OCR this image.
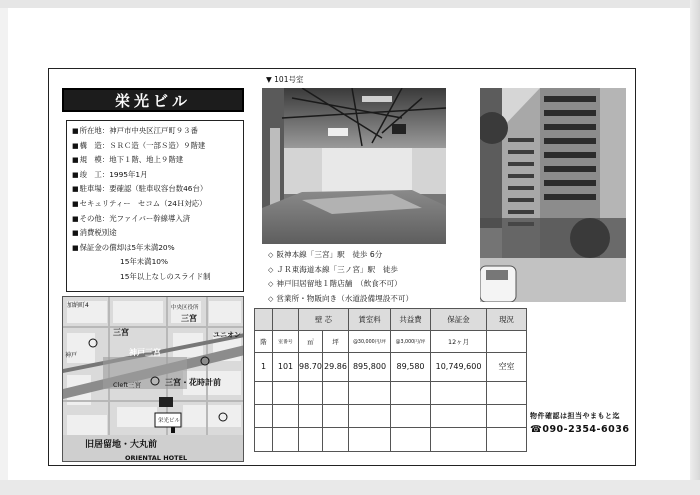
栄光ビル
■所在地：神戸市中央区江戸町９３番
■構　造：ＳＲＣ造（一部Ｓ造）９階建
■規　模：地下１階、地上９階建
■竣　工：1995年1月
■駐車場：要確認（駐車収容台数46台）
■セキュリティー　セコム（24Ｈ対応）
■その他：光ファイバー幹線導入済
■消費税別途
■保証金の償却は5年未満20%
15年未満10%
15年以上なしのスライド制
▼ 101号室
◇ 阪神本線「三宮」駅　徒歩 6分
◇ ＪＲ東海道本線「三ノ宮」駅　徒歩
◇ 神戸旧居留地１階店舗　（飲食不可）
◇ 営業所・物販向き（水道設備埋設不可）
加納町4
三宮
三宮
神戸三宮
ユニオン
中央区役所
三宮・花時計前
Cleft三宮
栄光ビル
旧居留地・大丸前
ORIENTAL HOTEL
神戸
		壁 芯		賃室料	共益費	保証金	現況
階	室番号	㎡	坪	@30,000円/坪	@3,000円/坪	12ヶ月	
1	101	98.70	29.86	895,800	89,580	10,749,600	空室

物件確認は担当やまもと迄
☎090-2354-6036
